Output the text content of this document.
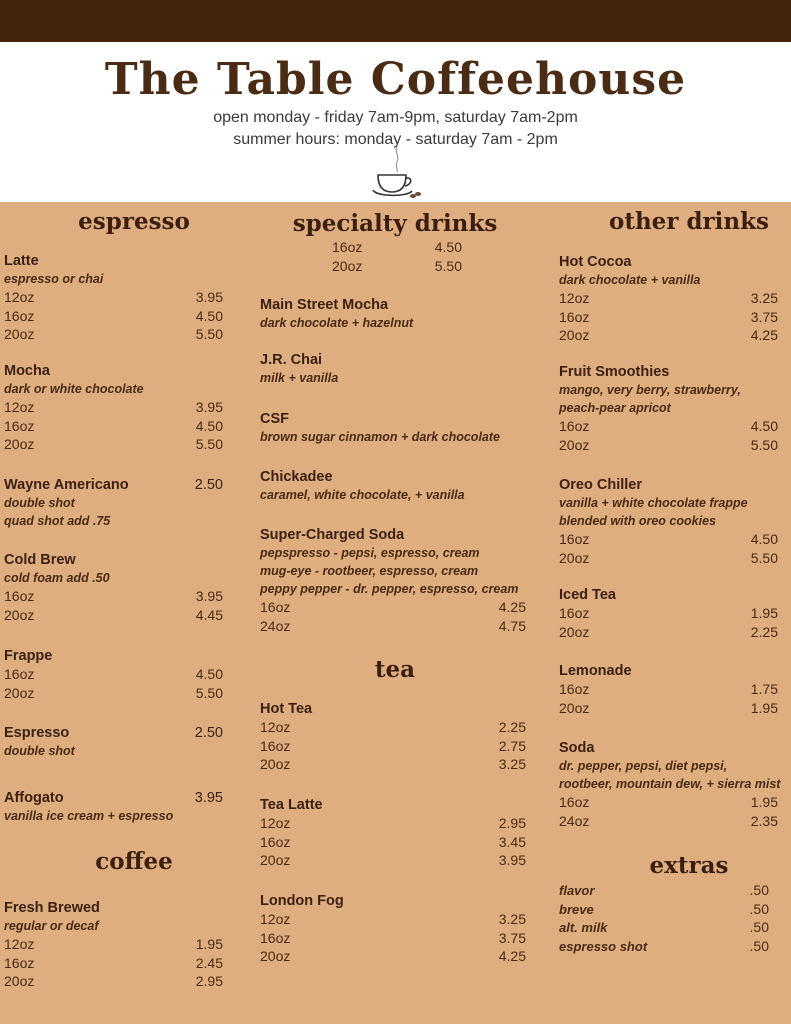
The Table Coffeehouse
open monday - friday 7am-9pm, saturday 7am-2pm
summer hours: monday - saturday 7am - 2pm
espresso
Latte
espresso or chai
12oz	3.95
16oz	4.50
20oz	5.50
Mocha
dark or white chocolate
12oz	3.95
16oz	4.50
20oz	5.50
Wayne Americano	2.50
double shot
quad shot add .75
Cold Brew
cold foam add .50
16oz	3.95
20oz	4.45
Frappe
16oz	4.50
20oz	5.50
Espresso	2.50
double shot
Affogato	3.95
vanilla ice cream + espresso
coffee
Fresh Brewed
regular or decaf
12oz	1.95
16oz	2.45
20oz	2.95
specialty drinks
16oz	4.50
20oz	5.50
Main Street Mocha
dark chocolate + hazelnut
J.R. Chai
milk + vanilla
CSF
brown sugar cinnamon + dark chocolate
Chickadee
caramel, white chocolate, + vanilla
Super-Charged Soda
pepspresso - pepsi, espresso, cream
mug-eye - rootbeer, espresso, cream
peppy pepper - dr. pepper, espresso, cream
16oz	4.25
24oz	4.75
tea
Hot Tea
12oz	2.25
16oz	2.75
20oz	3.25
Tea Latte
12oz	2.95
16oz	3.45
20oz	3.95
London Fog
12oz	3.25
16oz	3.75
20oz	4.25
other drinks
Hot Cocoa
dark chocolate + vanilla
12oz	3.25
16oz	3.75
20oz	4.25
Fruit Smoothies
mango, very berry, strawberry,
peach-pear apricot
16oz	4.50
20oz	5.50
Oreo Chiller
vanilla + white chocolate frappe
blended with oreo cookies
16oz	4.50
20oz	5.50
Iced Tea
16oz	1.95
20oz	2.25
Lemonade
16oz	1.75
20oz	1.95
Soda
dr. pepper, pepsi, diet pepsi,
rootbeer, mountain dew, + sierra mist
16oz	1.95
24oz	2.35
extras
flavor	.50
breve	.50
alt. milk	.50
espresso shot	.50
